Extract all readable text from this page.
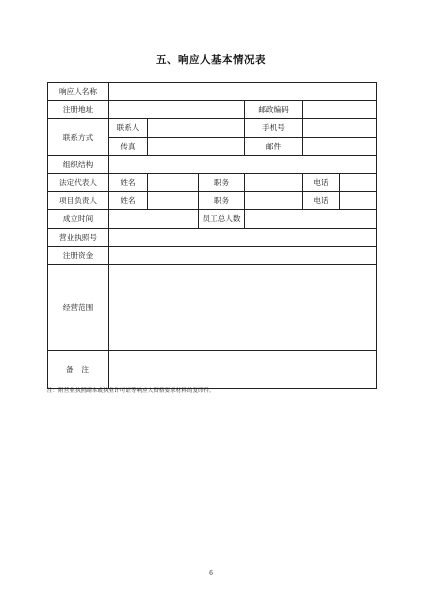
五、响应人基本情况表
响应人名称						
注册地址				邮政编码		
联系方式	联系人			手机号		
	传真			邮件		
组织结构						
法定代表人	姓名		职务		电话	
项目负责人	姓名		职务		电话	
成立时间			员工总人数			
营业执照号						
注册资金						
经营范围						
备  注						
注：附营业执照副本或执业许可证等响应人资格要求材料的复印件。
6
